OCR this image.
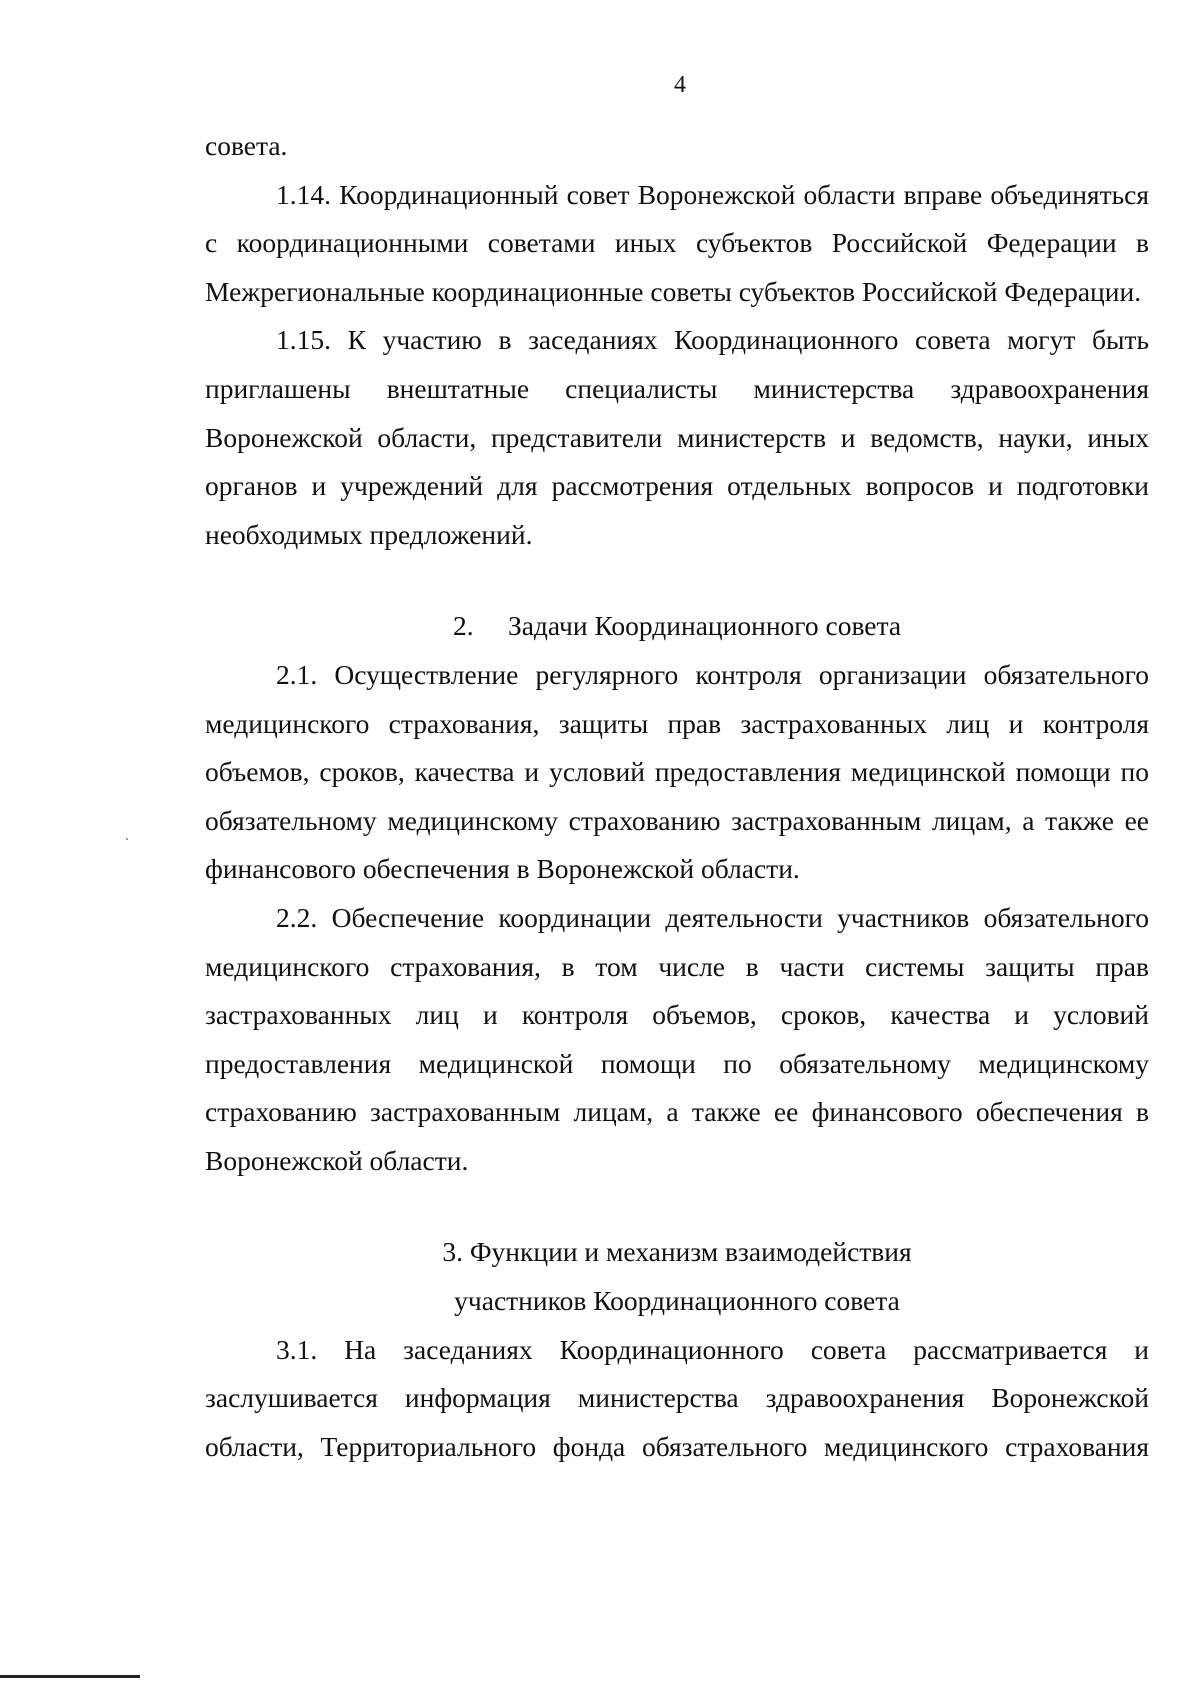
4

совета.

1.14. Координационный совет Воронежской области вправе объединяться с координационными советами иных субъектов Российской Федерации в Межрегиональные координационные советы субъектов Российской Федерации.

1.15. К участию в заседаниях Координационного совета могут быть приглашены внештатные специалисты министерства здравоохранения Воронежской области, представители министерств и ведомств, науки, иных органов и учреждений для рассмотрения отдельных вопросов и подготовки необходимых предложений.

2.     Задачи Координационного совета

2.1. Осуществление регулярного контроля организации обязательного медицинского страхования, защиты прав застрахованных лиц и контроля объемов, сроков, качества и условий предоставления медицинской помощи по обязательному медицинскому страхованию застрахованным лицам, а также ее финансового обеспечения в Воронежской области.

2.2. Обеспечение координации деятельности участников обязательного медицинского страхования, в том числе в части системы защиты прав застрахованных лиц и контроля объемов, сроков, качества и условий предоставления медицинской помощи по обязательному медицинскому страхованию застрахованным лицам, а также ее финансового обеспечения в Воронежской области.

3. Функции и механизм взаимодействия

участников Координационного совета

3.1. На заседаниях Координационного совета рассматривается и заслушивается информация министерства здравоохранения Воронежской области, Территориального фонда обязательного медицинского страхования
